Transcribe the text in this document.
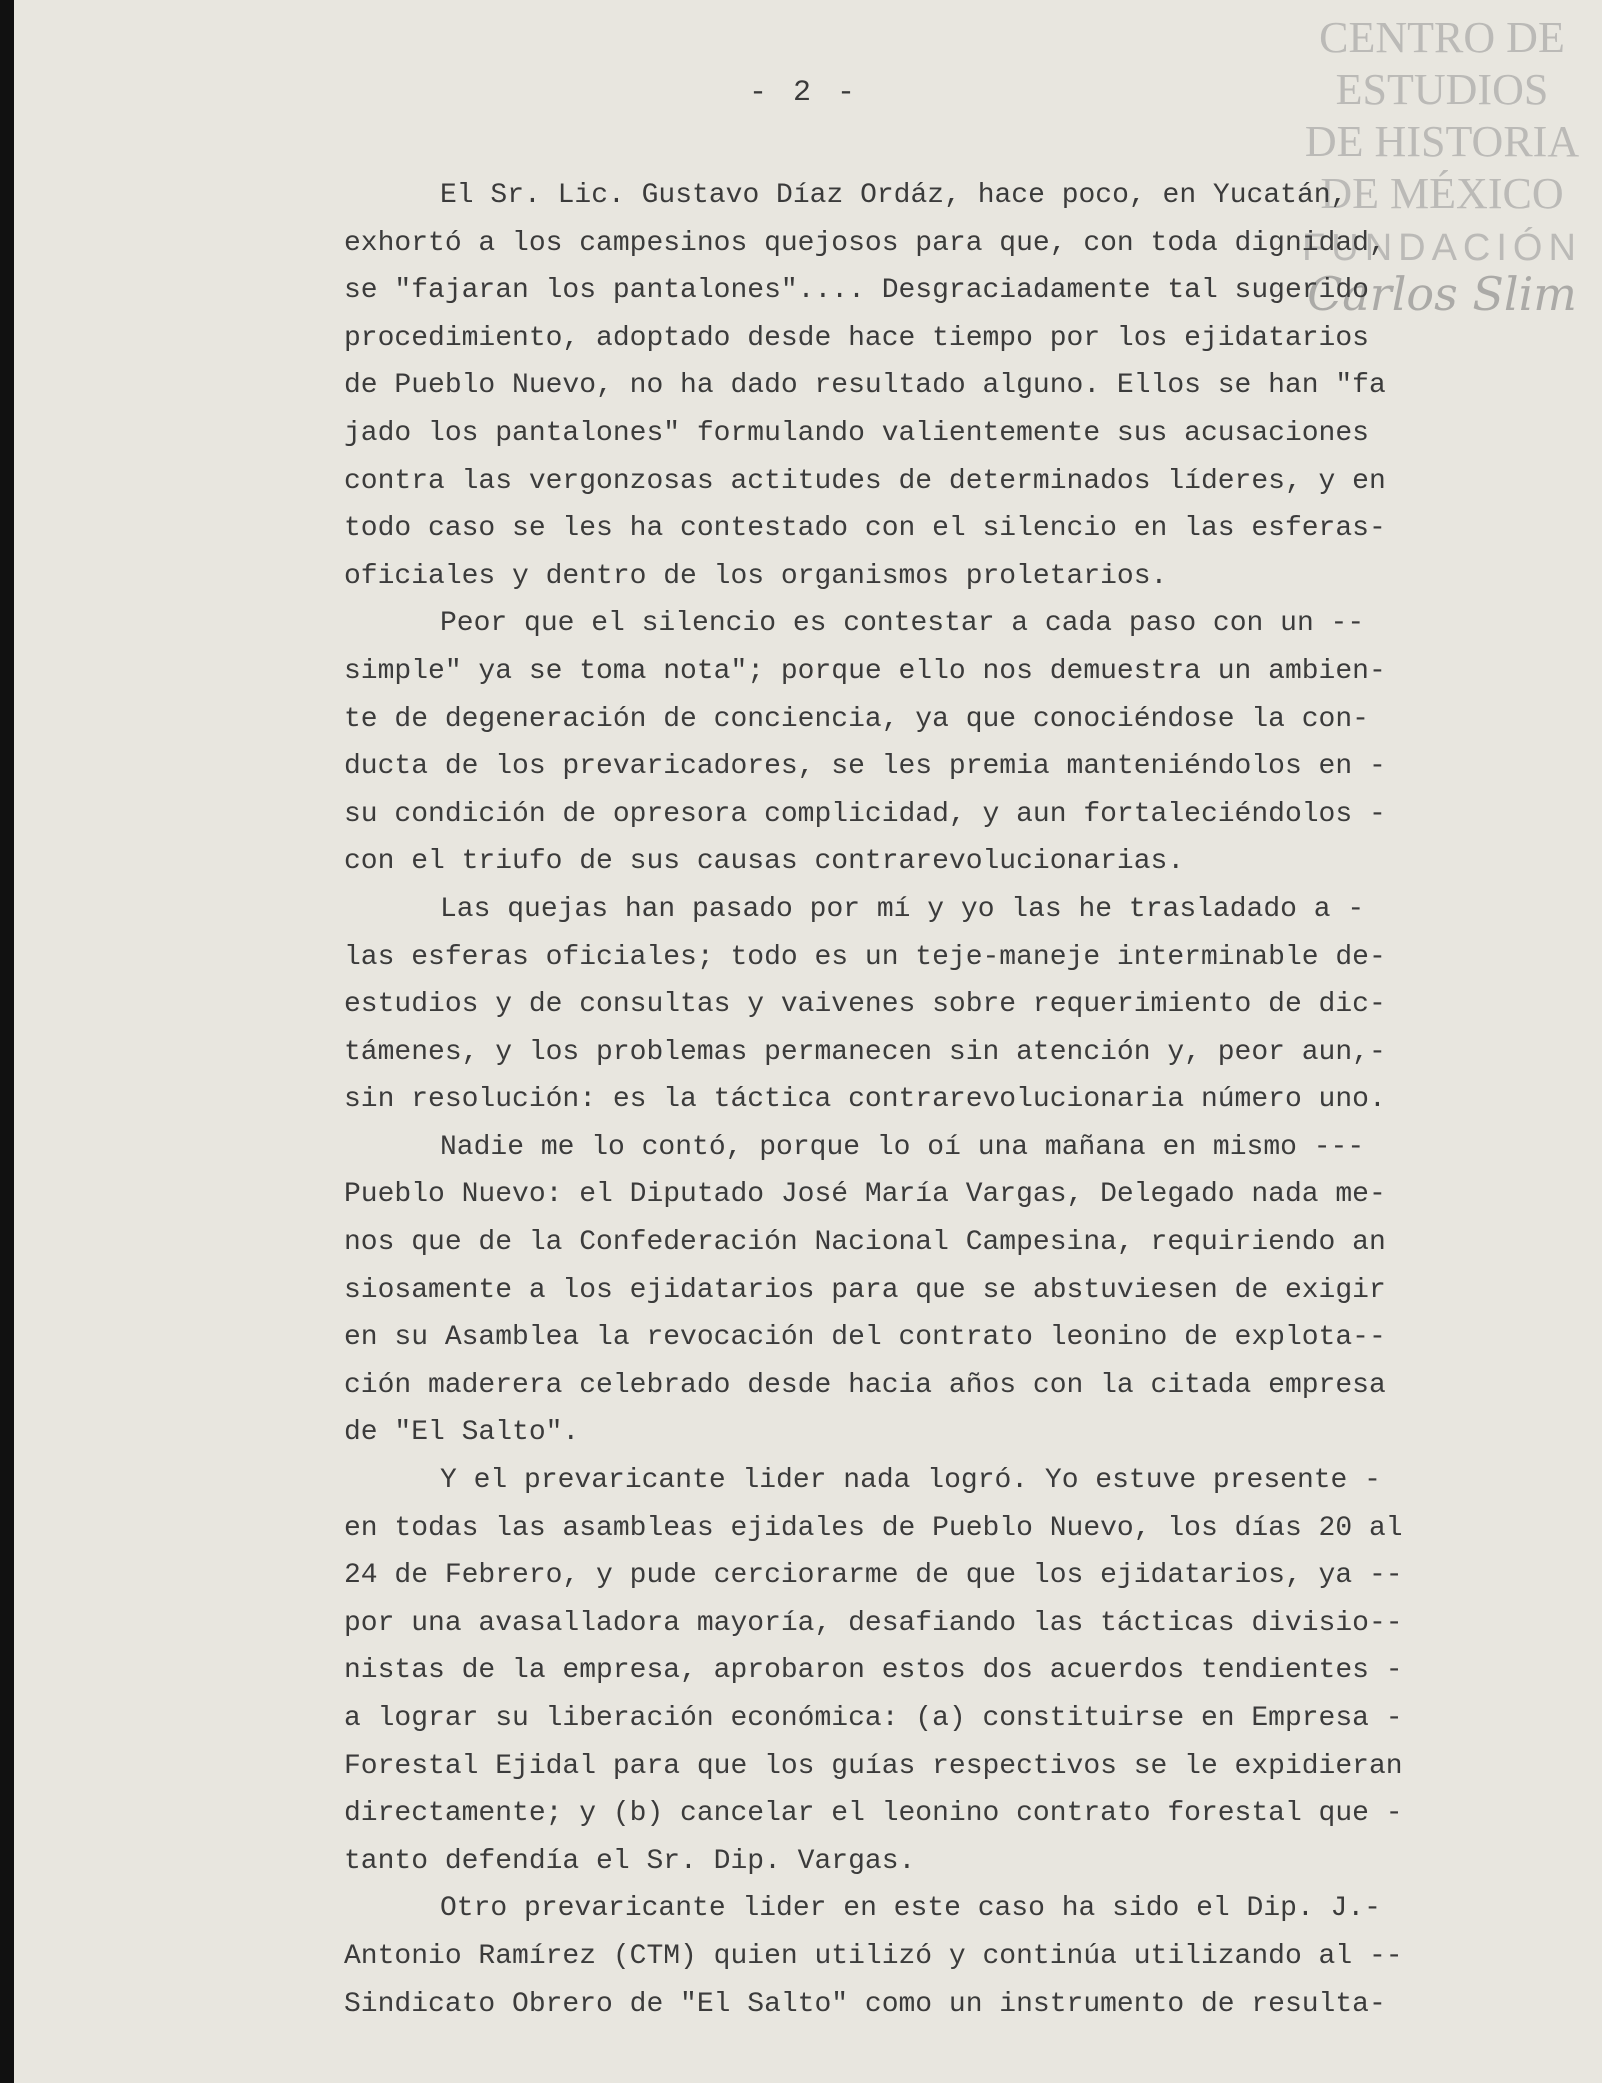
- 2 -
CENTRO DE
ESTUDIOS
DE HISTORIA
DE MÉXICO
FUNDACIÓN
Carlos Slim
El Sr. Lic. Gustavo Díaz Ordáz, hace poco, en Yucatán,
exhortó a los campesinos quejosos para que, con toda dignidad,
se "fajaran los pantalones".... Desgraciadamente tal sugerido
procedimiento, adoptado desde hace tiempo por los ejidatarios
de Pueblo Nuevo, no ha dado resultado alguno. Ellos se han "fa
jado los pantalones" formulando valientemente sus acusaciones
contra las vergonzosas actitudes de determinados líderes, y en
todo caso se les ha contestado con el silencio en las esferas-
oficiales y dentro de los organismos proletarios.
Peor que el silencio es contestar a cada paso con un --
simple" ya se toma nota"; porque ello nos demuestra un ambien-
te de degeneración de conciencia, ya que conociéndose la con-
ducta de los prevaricadores, se les premia manteniéndolos en -
su condición de opresora complicidad, y aun fortaleciéndolos -
con el triufo de sus causas contrarevolucionarias.
Las quejas han pasado por mí y yo las he trasladado a -
las esferas oficiales; todo es un teje-maneje interminable de-
estudios y de consultas y vaivenes sobre requerimiento de dic-
támenes, y los problemas permanecen sin atención y, peor aun,-
sin resolución: es la táctica contrarevolucionaria número uno.
Nadie me lo contó, porque lo oí una mañana en mismo ---
Pueblo Nuevo: el Diputado José María Vargas, Delegado nada me-
nos que de la Confederación Nacional Campesina, requiriendo an
siosamente a los ejidatarios para que se abstuviesen de exigir
en su Asamblea la revocación del contrato leonino de explota--
ción maderera celebrado desde hacia años con la citada empresa
de "El Salto".
Y el prevaricante lider nada logró. Yo estuve presente -
en todas las asambleas ejidales de Pueblo Nuevo, los días 20 al
24 de Febrero, y pude cerciorarme de que los ejidatarios, ya --
por una avasalladora mayoría, desafiando las tácticas divisio--
nistas de la empresa, aprobaron estos dos acuerdos tendientes -
a lograr su liberación económica: (a) constituirse en Empresa -
Forestal Ejidal para que los guías respectivos se le expidieran
directamente; y (b) cancelar el leonino contrato forestal que -
tanto defendía el Sr. Dip. Vargas.
Otro prevaricante lider en este caso ha sido el Dip. J.-
Antonio Ramírez (CTM) quien utilizó y continúa utilizando al --
Sindicato Obrero de "El Salto" como un instrumento de resulta-
